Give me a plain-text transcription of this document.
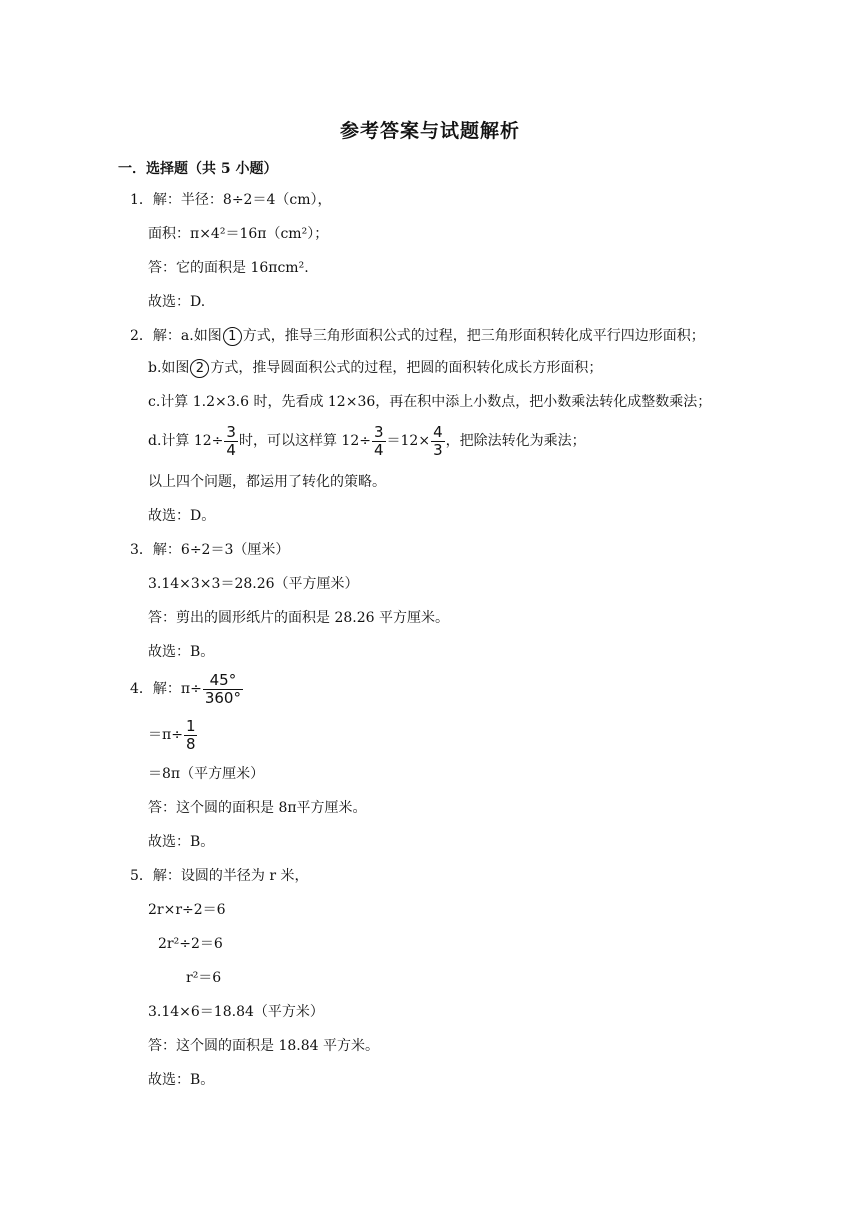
参考答案与试题解析
一．选择题（共 5 小题）
1．解：半径：8÷2＝4（cm），
面积：π×4²＝16π（cm²）；
答：它的面积是 16πcm².
故选：D.
2．解：a.如图 1 方式，推导三角形面积公式的过程，把三角形面积转化成平行四边形面积；
b.如图 2 方式，推导圆面积公式的过程，把圆的面积转化成长方形面积；
c.计算 1.2×3.6 时，先看成 12×36，再在积中添上小数点，把小数乘法转化成整数乘法；
d.计算 $12\div \frac{3}{4}$ 时，可以这样算 $12\div \frac{3}{4} =12\times \frac{4}{3}$ ，把除法转化为乘法；
以上四个问题，都运用了转化的策略。
故选：D。
3．解：6÷2＝3（厘米）
3.14×3×3＝28.26（平方厘米）
答：剪出的圆形纸片的面积是 28.26 平方厘米。
故选：B。
4．解：$\pi\div \frac{45^\circ}{360^\circ}$
$=\pi\div \frac{1}{8}$
＝8π（平方厘米）
答：这个圆的面积是 8π平方厘米。
故选：B。
5．解：设圆的半径为 r 米，
2r×r÷2＝6
2r²÷2＝6
r²＝6
3.14×6＝18.84（平方米）
答：这个圆的面积是 18.84 平方米。
故选：B。
